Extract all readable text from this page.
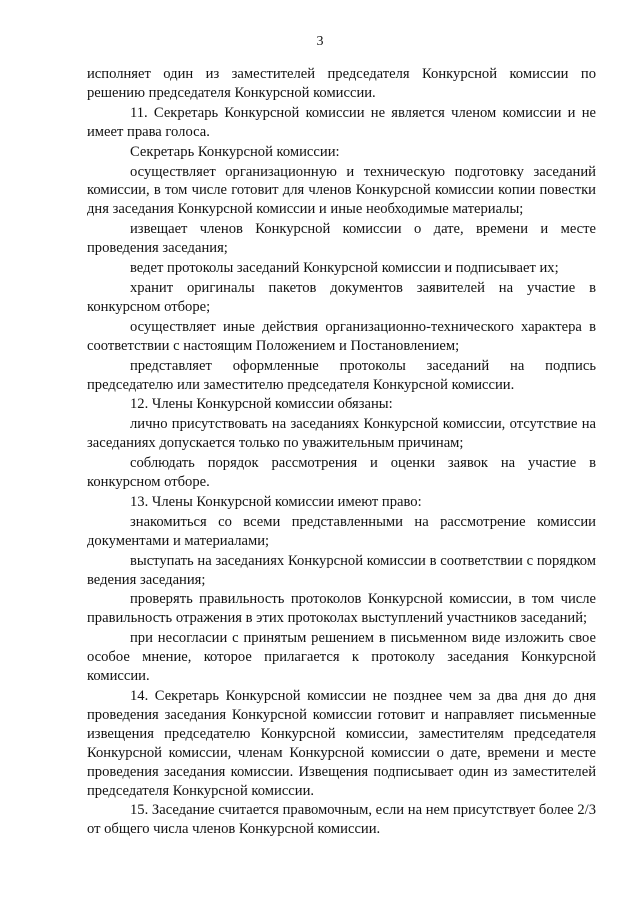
3

исполняет один из заместителей председателя Конкурсной комиссии по решению председателя Конкурсной комиссии.

11. Секретарь Конкурсной комиссии не является членом комиссии и не имеет права голоса.

Секретарь Конкурсной комиссии:

осуществляет организационную и техническую подготовку заседаний комиссии, в том числе готовит для членов Конкурсной комиссии копии повестки дня заседания Конкурсной комиссии и иные необходимые материалы;

извещает членов Конкурсной комиссии о дате, времени и месте проведения заседания;

ведет протоколы заседаний Конкурсной комиссии и подписывает их;

хранит оригиналы пакетов документов заявителей на участие в конкурсном отборе;

осуществляет иные действия организационно-технического характера в соответствии с настоящим Положением и Постановлением;

представляет оформленные протоколы заседаний на подпись председателю или заместителю председателя Конкурсной комиссии.

12. Члены Конкурсной комиссии обязаны:

лично присутствовать на заседаниях Конкурсной комиссии, отсутствие на заседаниях допускается только по уважительным причинам;

соблюдать порядок рассмотрения и оценки заявок на участие в конкурсном отборе.

13. Члены Конкурсной комиссии имеют право:

знакомиться со всеми представленными на рассмотрение комиссии документами и материалами;

выступать на заседаниях Конкурсной комиссии в соответствии с порядком ведения заседания;

проверять правильность протоколов Конкурсной комиссии, в том числе правильность отражения в этих протоколах выступлений участников заседаний;

при несогласии с принятым решением в письменном виде изложить свое особое мнение, которое прилагается к протоколу заседания Конкурсной комиссии.

14. Секретарь Конкурсной комиссии не позднее чем за два дня до дня проведения заседания Конкурсной комиссии готовит и направляет письменные извещения председателю Конкурсной комиссии, заместителям председателя Конкурсной комиссии, членам Конкурсной комиссии о дате, времени и месте проведения заседания комиссии. Извещения подписывает один из заместителей председателя Конкурсной комиссии.

15. Заседание считается правомочным, если на нем присутствует более 2/3 от общего числа членов Конкурсной комиссии.
